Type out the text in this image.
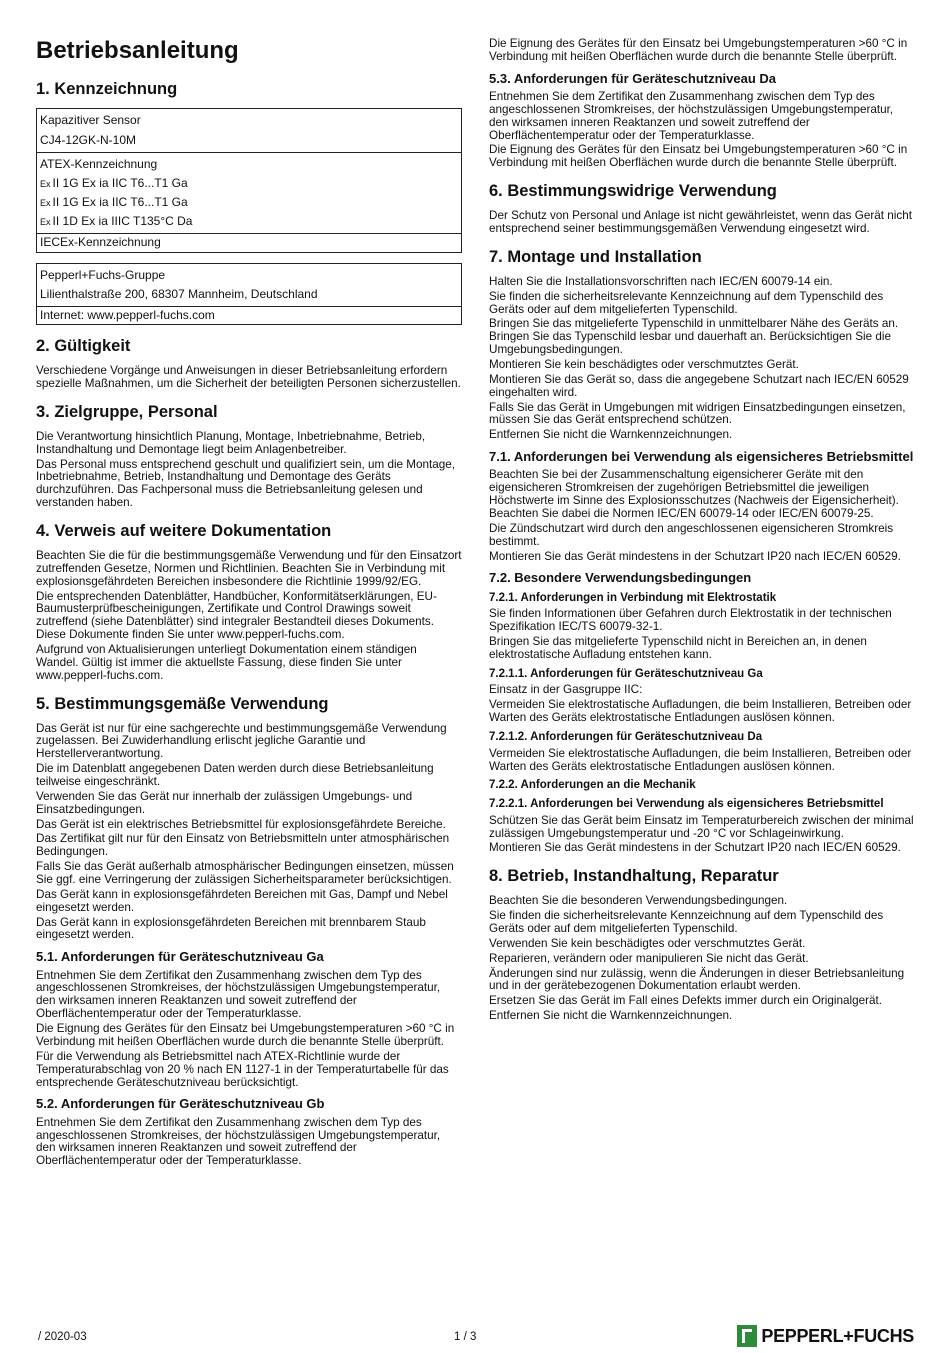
Betriebsanleitung
1. Kennzeichnung
Kapazitiver Sensor
CJ4-12GK-N-10M

ATEX-Kennzeichnung
Ex II 1G Ex ia IIC T6...T1 Ga
Ex II 1G Ex ia IIC T6...T1 Ga
Ex II 1D Ex ia IIIC T135°C Da

IECEx-Kennzeichnung
Pepperl+Fuchs-Gruppe
Lilienthalstraße 200, 68307 Mannheim, Deutschland

Internet: www.pepperl-fuchs.com
2. Gültigkeit

Verschiedene Vorgänge und Anweisungen in dieser Betriebsanleitung erfordern spezielle Maßnahmen, um die Sicherheit der beteiligten Personen sicherzustellen.

3. Zielgruppe, Personal

Die Verantwortung hinsichtlich Planung, Montage, Inbetriebnahme, Betrieb, Instandhaltung und Demontage liegt beim Anlagenbetreiber.

Das Personal muss entsprechend geschult und qualifiziert sein, um die Montage, Inbetriebnahme, Betrieb, Instandhaltung und Demontage des Geräts durchzuführen. Das Fachpersonal muss die Betriebsanleitung gelesen und verstanden haben.

4. Verweis auf weitere Dokumentation

Beachten Sie die für die bestimmungsgemäße Verwendung und für den Einsatzort zutreffenden Gesetze, Normen und Richtlinien. Beachten Sie in Verbindung mit explosionsgefährdeten Bereichen insbesondere die Richtlinie 1999/92/EG.

Die entsprechenden Datenblätter, Handbücher, Konformitätserklärungen, EU-Baumusterprüfbescheinigungen, Zertifikate und Control Drawings soweit zutreffend (siehe Datenblätter) sind integraler Bestandteil dieses Dokuments. Diese Dokumente finden Sie unter www.pepperl-fuchs.com.

Aufgrund von Aktualisierungen unterliegt Dokumentation einem ständigen Wandel. Gültig ist immer die aktuellste Fassung, diese finden Sie unter www.pepperl-fuchs.com.

5. Bestimmungsgemäße Verwendung

Das Gerät ist nur für eine sachgerechte und bestimmungsgemäße Verwendung zugelassen. Bei Zuwiderhandlung erlischt jegliche Garantie und Herstellerverantwortung.

Die im Datenblatt angegebenen Daten werden durch diese Betriebsanleitung teilweise eingeschränkt.

Verwenden Sie das Gerät nur innerhalb der zulässigen Umgebungs- und Einsatzbedingungen.

Das Gerät ist ein elektrisches Betriebsmittel für explosionsgefährdete Bereiche.

Das Zertifikat gilt nur für den Einsatz von Betriebsmitteln unter atmosphärischen Bedingungen.

Falls Sie das Gerät außerhalb atmosphärischer Bedingungen einsetzen, müssen Sie ggf. eine Verringerung der zulässigen Sicherheitsparameter berücksichtigen.

Das Gerät kann in explosionsgefährdeten Bereichen mit Gas, Dampf und Nebel eingesetzt werden.

Das Gerät kann in explosionsgefährdeten Bereichen mit brennbarem Staub eingesetzt werden.

5.1. Anforderungen für Geräteschutzniveau Ga

Entnehmen Sie dem Zertifikat den Zusammenhang zwischen dem Typ des angeschlossenen Stromkreises, der höchstzulässigen Umgebungstemperatur, den wirksamen inneren Reaktanzen und soweit zutreffend der Oberflächentemperatur oder der Temperaturklasse.

Die Eignung des Gerätes für den Einsatz bei Umgebungstemperaturen >60 °C in Verbindung mit heißen Oberflächen wurde durch die benannte Stelle überprüft.

Für die Verwendung als Betriebsmittel nach ATEX-Richtlinie wurde der Temperaturabschlag von 20 % nach EN 1127-1 in der Temperaturtabelle für das entsprechende Geräteschutzniveau berücksichtigt.

5.2. Anforderungen für Geräteschutzniveau Gb

Entnehmen Sie dem Zertifikat den Zusammenhang zwischen dem Typ des angeschlossenen Stromkreises, der höchstzulässigen Umgebungstemperatur, den wirksamen inneren Reaktanzen und soweit zutreffend der Oberflächentemperatur oder der Temperaturklasse.

Die Eignung des Gerätes für den Einsatz bei Umgebungstemperaturen >60 °C in Verbindung mit heißen Oberflächen wurde durch die benannte Stelle überprüft.

5.3. Anforderungen für Geräteschutzniveau Da

Entnehmen Sie dem Zertifikat den Zusammenhang zwischen dem Typ des angeschlossenen Stromkreises, der höchstzulässigen Umgebungstemperatur, den wirksamen inneren Reaktanzen und soweit zutreffend der Oberflächentemperatur oder der Temperaturklasse.

Die Eignung des Gerätes für den Einsatz bei Umgebungstemperaturen >60 °C in Verbindung mit heißen Oberflächen wurde durch die benannte Stelle überprüft.

6. Bestimmungswidrige Verwendung

Der Schutz von Personal und Anlage ist nicht gewährleistet, wenn das Gerät nicht entsprechend seiner bestimmungsgemäßen Verwendung eingesetzt wird.

7. Montage und Installation

Halten Sie die Installationsvorschriften nach IEC/EN 60079-14 ein.

Sie finden die sicherheitsrelevante Kennzeichnung auf dem Typenschild des Geräts oder auf dem mitgelieferten Typenschild.

Bringen Sie das mitgelieferte Typenschild in unmittelbarer Nähe des Geräts an. Bringen Sie das Typenschild lesbar und dauerhaft an. Berücksichtigen Sie die Umgebungsbedingungen.

Montieren Sie kein beschädigtes oder verschmutztes Gerät.

Montieren Sie das Gerät so, dass die angegebene Schutzart nach IEC/EN 60529 eingehalten wird.

Falls Sie das Gerät in Umgebungen mit widrigen Einsatzbedingungen einsetzen, müssen Sie das Gerät entsprechend schützen.

Entfernen Sie nicht die Warnkennzeichnungen.

7.1. Anforderungen bei Verwendung als eigensicheres Betriebsmittel

Beachten Sie bei der Zusammenschaltung eigensicherer Geräte mit den eigensicheren Stromkreisen der zugehörigen Betriebsmittel die jeweiligen Höchstwerte im Sinne des Explosionsschutzes (Nachweis der Eigensicherheit). Beachten Sie dabei die Normen IEC/EN 60079-14 oder IEC/EN 60079-25.

Die Zündschutzart wird durch den angeschlossenen eigensicheren Stromkreis bestimmt.

Montieren Sie das Gerät mindestens in der Schutzart IP20 nach IEC/EN 60529.

7.2. Besondere Verwendungsbedingungen
7.2.1. Anforderungen in Verbindung mit Elektrostatik

Sie finden Informationen über Gefahren durch Elektrostatik in der technischen Spezifikation IEC/TS 60079-32-1.

Bringen Sie das mitgelieferte Typenschild nicht in Bereichen an, in denen elektrostatische Aufladung entstehen kann.

7.2.1.1. Anforderungen für Geräteschutzniveau Ga

Einsatz in der Gasgruppe IIC:

Vermeiden Sie elektrostatische Aufladungen, die beim Installieren, Betreiben oder Warten des Geräts elektrostatische Entladungen auslösen können.

7.2.1.2. Anforderungen für Geräteschutzniveau Da

Vermeiden Sie elektrostatische Aufladungen, die beim Installieren, Betreiben oder Warten des Geräts elektrostatische Entladungen auslösen können.

7.2.2. Anforderungen an die Mechanik
7.2.2.1. Anforderungen bei Verwendung als eigensicheres Betriebsmittel

Schützen Sie das Gerät beim Einsatz im Temperaturbereich zwischen der minimal zulässigen Umgebungstemperatur und -20 °C vor Schlageinwirkung.

Montieren Sie das Gerät mindestens in der Schutzart IP20 nach IEC/EN 60529.

8. Betrieb, Instandhaltung, Reparatur

Beachten Sie die besonderen Verwendungsbedingungen.

Sie finden die sicherheitsrelevante Kennzeichnung auf dem Typenschild des Geräts oder auf dem mitgelieferten Typenschild.

Verwenden Sie kein beschädigtes oder verschmutztes Gerät.

Reparieren, verändern oder manipulieren Sie nicht das Gerät.

Änderungen sind nur zulässig, wenn die Änderungen in dieser Betriebsanleitung und in der gerätebezogenen Dokumentation erlaubt werden.

Ersetzen Sie das Gerät im Fall eines Defekts immer durch ein Originalgerät.

Entfernen Sie nicht die Warnkennzeichnungen.

/ 2020-03	1 / 3	PEPPERL+FUCHS
